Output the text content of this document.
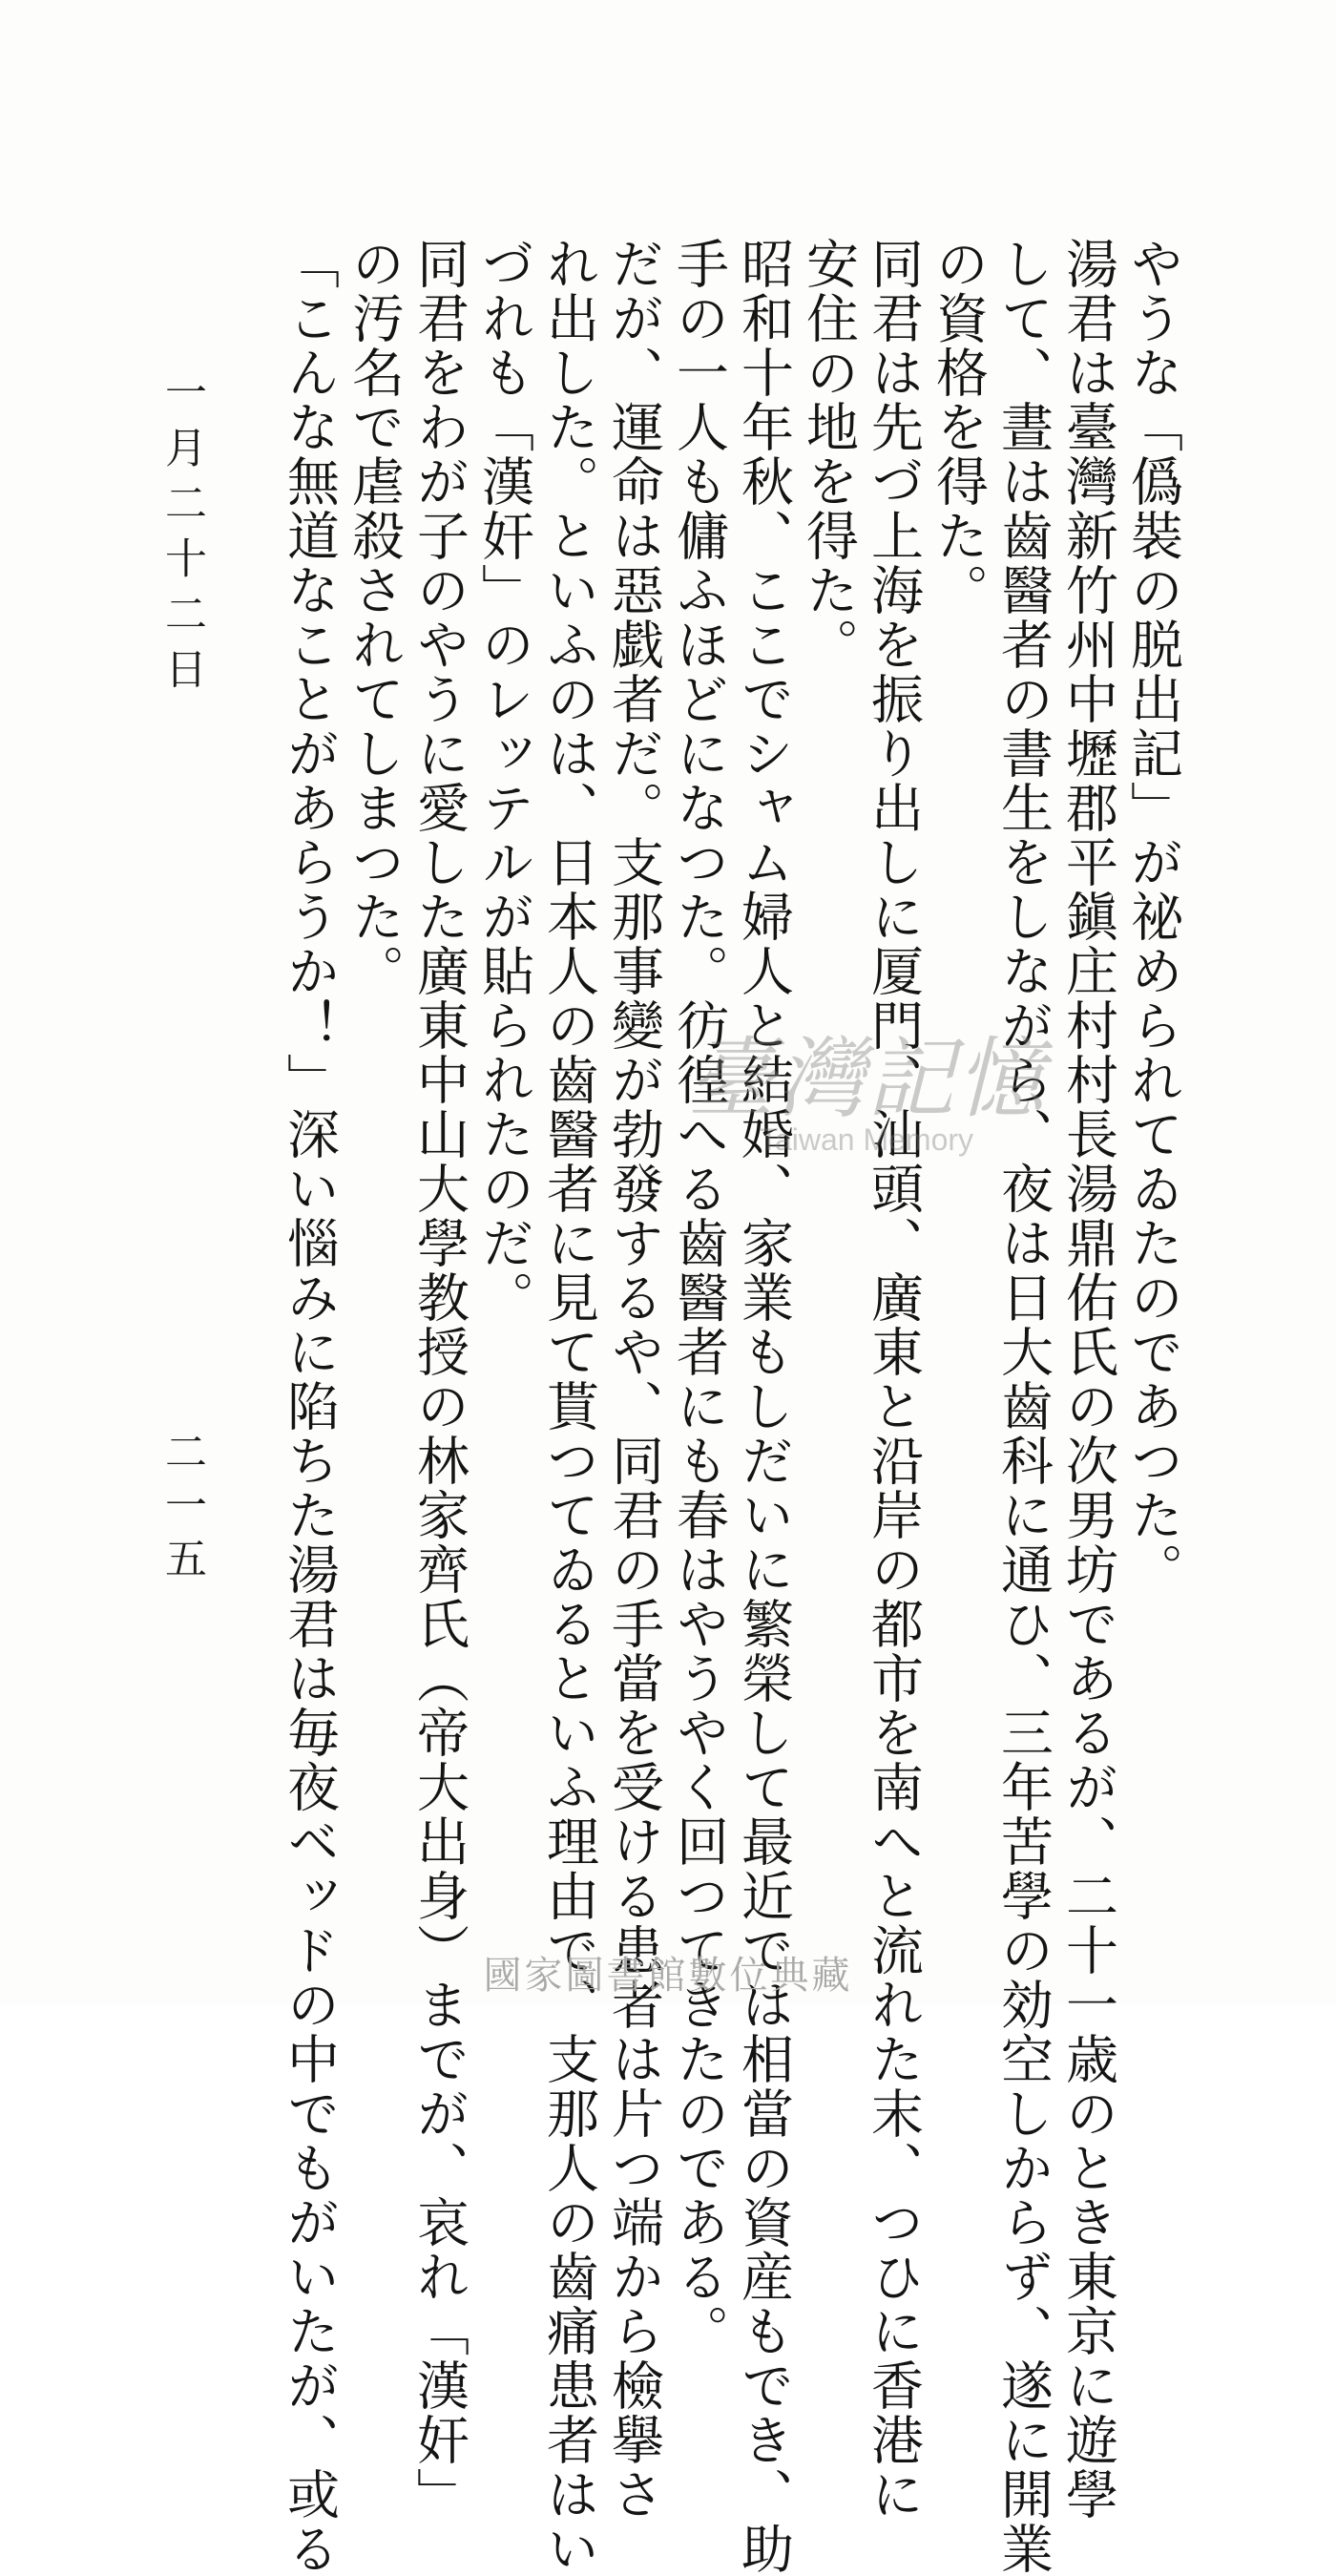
やうな「僞裝の脱出記」が祕められてゐたのであつた。
湯君は臺灣新竹州中壢郡平鎭庄村村長湯鼎佑氏の次男坊であるが、二十一歳のとき東京に遊學
して、晝は齒醫者の書生をしながら、夜は日大齒科に通ひ、三年苦學の効空しからず、遂に開業
の資格を得た。
同君は先づ上海を振り出しに厦門、汕頭、廣東と沿岸の都市を南へと流れた末、つひに香港に
安住の地を得た。
昭和十年秋、ここでシャム婦人と結婚、家業もしだいに繁榮して最近では相當の資産もでき、助
手の一人も傭ふほどになつた。彷徨へる齒醫者にも春はやうやく回つてきたのである。
だが、運命は惡戯者だ。支那事變が勃發するや、同君の手當を受ける患者は片つ端から檢擧さ
れ出した。といふのは、日本人の齒醫者に見て貰つてゐるといふ理由で、支那人の齒痛患者はい
づれも「漢奸」のレッテルが貼られたのだ。
同君をわが子のやうに愛した廣東中山大學教授の林家齊氏（帝大出身）までが、哀れ「漢奸」
の汚名で虐殺されてしまつた。
「こんな無道なことがあらうか！」深い惱みに陷ちた湯君は毎夜ベッドの中でもがいたが、或る
一月二十二日
二一五
臺灣記憶
Taiwan Memory
國家圖書館數位典藏
